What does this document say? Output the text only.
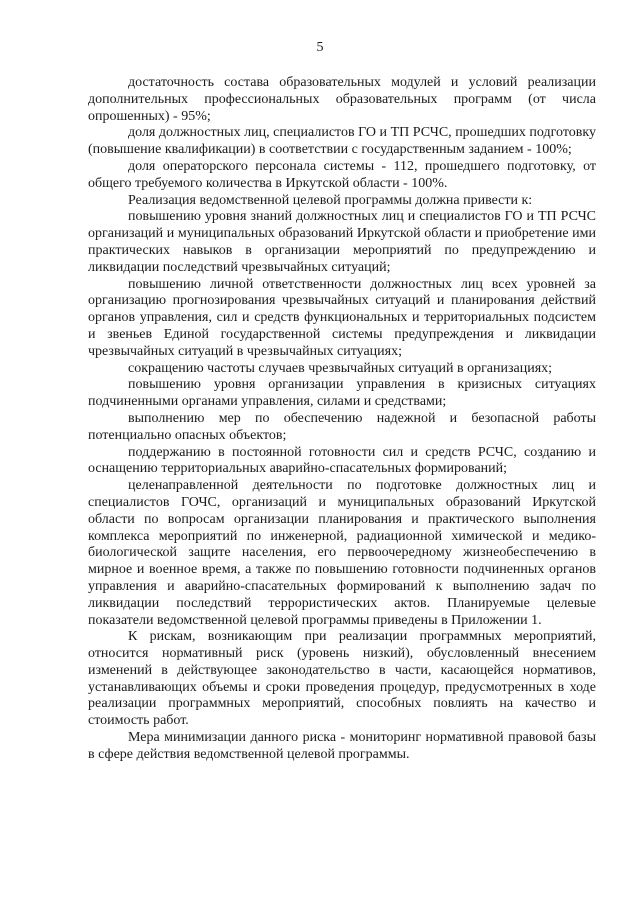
5

достаточность состава образовательных модулей и условий реализации дополнительных профессиональных образовательных программ (от числа опрошенных) - 95%;

доля должностных лиц, специалистов ГО и ТП РСЧС, прошедших подготовку (повышение квалификации) в соответствии с государственным заданием - 100%;

доля операторского персонала системы - 112, прошедшего подготовку, от общего требуемого количества в Иркутской области - 100%.

Реализация ведомственной целевой программы должна привести к:

повышению уровня знаний должностных лиц и специалистов ГО и ТП РСЧС организаций и муниципальных образований Иркутской области и приобретение ими практических навыков в организации мероприятий по предупреждению и ликвидации последствий чрезвычайных ситуаций;

повышению личной ответственности должностных лиц всех уровней за организацию прогнозирования чрезвычайных ситуаций и планирования действий органов управления, сил и средств функциональных и территориальных подсистем и звеньев Единой государственной системы предупреждения и ликвидации чрезвычайных ситуаций в чрезвычайных ситуациях;

сокращению частоты случаев чрезвычайных ситуаций в организациях;

повышению уровня организации управления в кризисных ситуациях подчиненными органами управления, силами и средствами;

выполнению мер по обеспечению надежной и безопасной работы потенциально опасных объектов;

поддержанию в постоянной готовности сил и средств РСЧС, созданию и оснащению территориальных аварийно-спасательных формирований;

целенаправленной деятельности по подготовке должностных лиц и специалистов ГОЧС, организаций и муниципальных образований Иркутской области по вопросам организации планирования и практического выполнения комплекса мероприятий по инженерной, радиационной химической и медико-биологической защите населения, его первоочередному жизнеобеспечению в мирное и военное время, а также по повышению готовности подчиненных органов управления и аварийно-спасательных формирований к выполнению задач по ликвидации последствий террористических актов. Планируемые целевые показатели ведомственной целевой программы приведены в Приложении 1.

К рискам, возникающим при реализации программных мероприятий, относится нормативный риск (уровень низкий), обусловленный внесением изменений в действующее законодательство в части, касающейся нормативов, устанавливающих объемы и сроки проведения процедур, предусмотренных в ходе реализации программных мероприятий, способных повлиять на качество и стоимость работ.

Мера минимизации данного риска - мониторинг нормативной правовой базы в сфере действия ведомственной целевой программы.
